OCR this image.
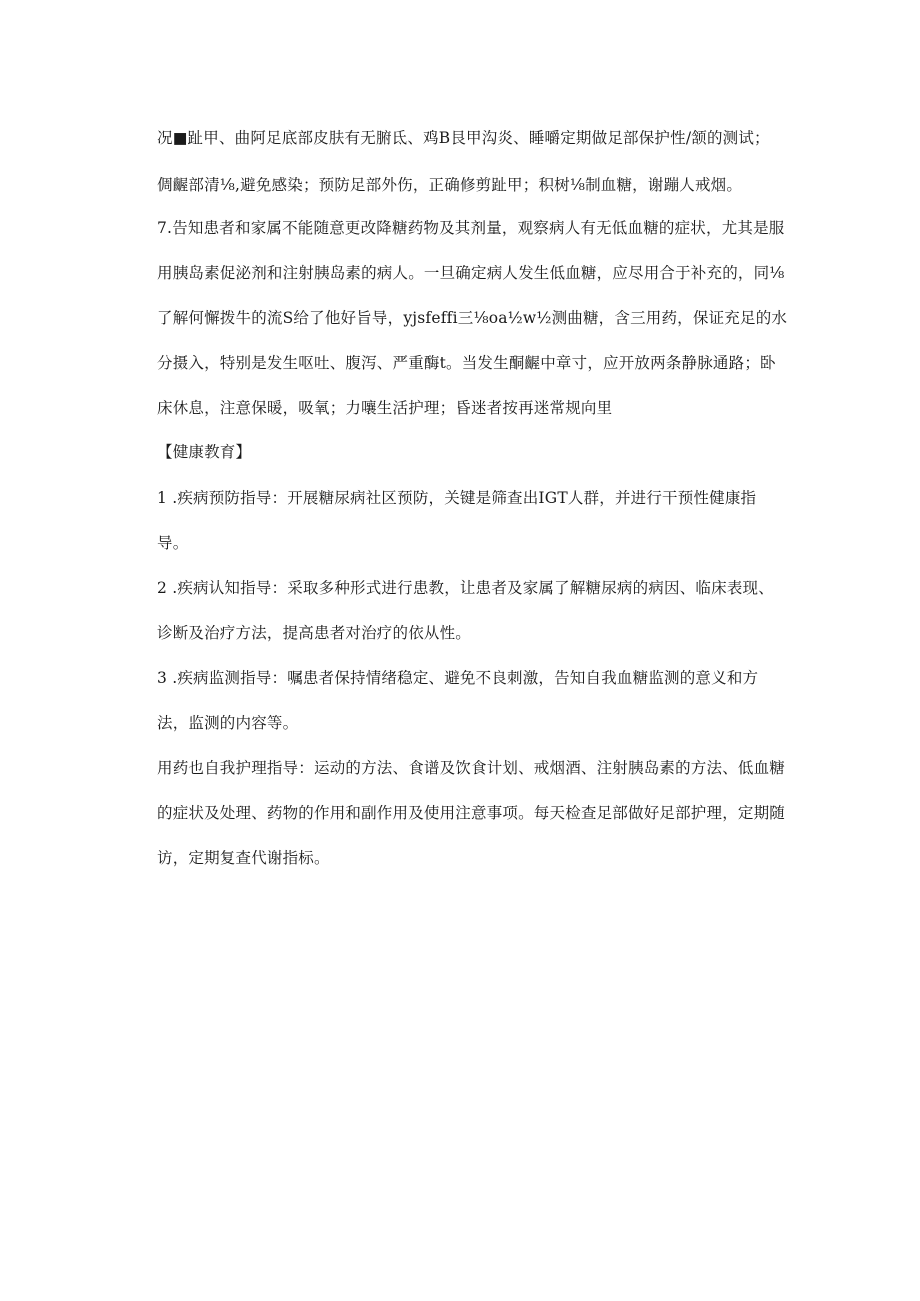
况■趾甲、曲阿足底部皮肤有无腑氐、鸡B艮甲沟炎、睡嚼定期做足部保护性/颔的测试；
倜齷部清⅛,避免感染；预防足部外伤，正确修剪趾甲；积树⅛制血糖，谢蹦人戒烟。
7.告知患者和家属不能随意更改降糖药物及其剂量，观察病人有无低血糖的症状，尤其是服
用胰岛素促泌剂和注射胰岛素的病人。一旦确定病人发生低血糖，应尽用合于补充的，同⅛
了解何懈拨牛的流S给了他好旨导，yjsfeffi三⅛oa½w½测曲糖，含三用药，保证充足的水
分摄入，特别是发生呕吐、腹泻、严重酶t。当发生酮齷中章寸，应开放两条静脉通路；卧
床休息，注意保暖，吸氧；力嚷生活护理；昏迷者按再迷常规向里
【健康教育】
1 .疾病预防指导：开展糖尿病社区预防，关键是筛查出IGT人群，并进行干预性健康指
导。
2 .疾病认知指导：采取多种形式进行患教，让患者及家属了解糖尿病的病因、临床表现、
诊断及治疗方法，提高患者对治疗的依从性。
3 .疾病监测指导：嘱患者保持情绪稳定、避免不良刺激，告知自我血糖监测的意义和方
法，监测的内容等。
用药也自我护理指导：运动的方法、食谱及饮食计划、戒烟酒、注射胰岛素的方法、低血糖
的症状及处理、药物的作用和副作用及使用注意事项。每天检查足部做好足部护理，定期随
访，定期复查代谢指标。
